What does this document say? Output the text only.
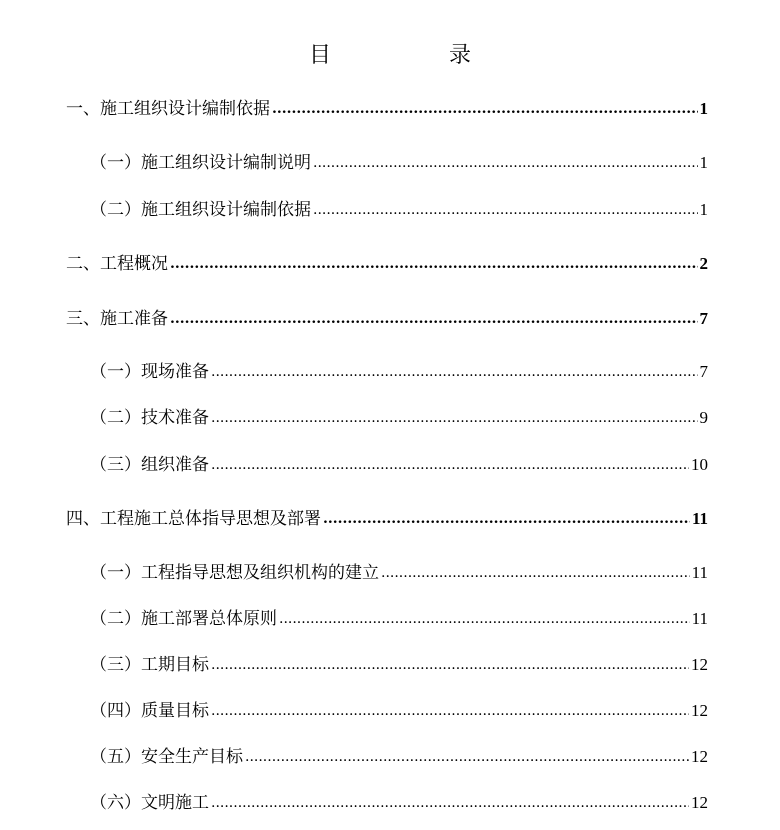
目　录
一、施工组织设计编制依据 .....	1
（一）施工组织设计编制说明 .....	1
（二）施工组织设计编制依据 .....	1
二、工程概况 .....	2
三、施工准备 .....	7
（一）现场准备 .....	7
（二）技术准备 .....	9
（三）组织准备 .....	10
四、工程施工总体指导思想及部署 .....	11
（一）工程指导思想及组织机构的建立 .....	11
（二）施工部署总体原则 .....	11
（三）工期目标 .....	12
（四）质量目标 .....	12
（五）安全生产目标 .....	12
（六）文明施工 .....	12
